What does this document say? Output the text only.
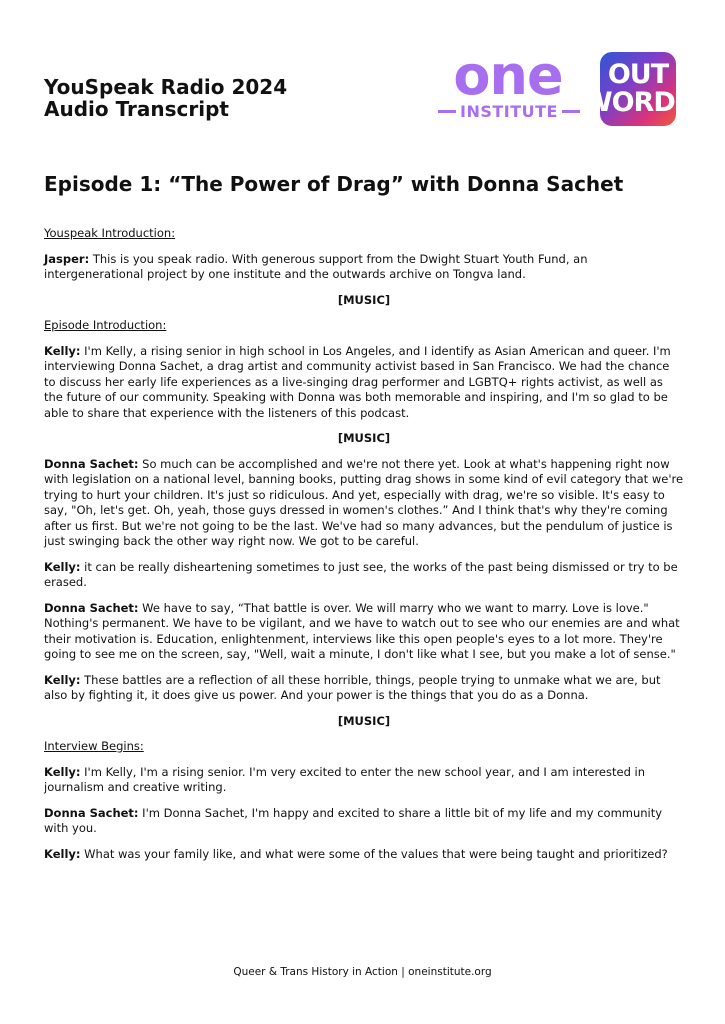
YouSpeak Radio 2024
Audio Transcript
one
INSTITUTE
OUT
WORDS
Episode 1: “The Power of Drag” with Donna Sachet

Youspeak Introduction:

Jasper: This is you speak radio. With generous support from the Dwight Stuart Youth Fund, an intergenerational project by one institute and the outwards archive on Tongva land.

[MUSIC]

Episode Introduction:

Kelly: I'm Kelly, a rising senior in high school in Los Angeles, and I identify as Asian American and queer. I'm interviewing Donna Sachet, a drag artist and community activist based in San Francisco. We had the chance to discuss her early life experiences as a live-singing drag performer and LGBTQ+ rights activist, as well as the future of our community. Speaking with Donna was both memorable and inspiring, and I'm so glad to be able to share that experience with the listeners of this podcast.

[MUSIC]

Donna Sachet: So much can be accomplished and we're not there yet. Look at what's happening right now with legislation on a national level, banning books, putting drag shows in some kind of evil category that we're trying to hurt your children. It's just so ridiculous. And yet, especially with drag, we're so visible. It's easy to say, "Oh, let's get. Oh, yeah, those guys dressed in women's clothes.” And I think that's why they're coming after us first. But we're not going to be the last. We've had so many advances, but the pendulum of justice is just swinging back the other way right now. We got to be careful.

Kelly: it can be really disheartening sometimes to just see, the works of the past being dismissed or try to be erased.

Donna Sachet: We have to say, “That battle is over. We will marry who we want to marry. Love is love." Nothing's permanent. We have to be vigilant, and we have to watch out to see who our enemies are and what their motivation is. Education, enlightenment, interviews like this open people's eyes to a lot more. They're going to see me on the screen, say, "Well, wait a minute, I don't like what I see, but you make a lot of sense."

Kelly: These battles are a reflection of all these horrible, things, people trying to unmake what we are, but also by fighting it, it does give us power. And your power is the things that you do as a Donna.

[MUSIC]

Interview Begins:

Kelly: I'm Kelly, I'm a rising senior. I'm very excited to enter the new school year, and I am interested in journalism and creative writing.

Donna Sachet: I'm Donna Sachet, I'm happy and excited to share a little bit of my life and my community with you.

Kelly: What was your family like, and what were some of the values that were being taught and prioritized?

Queer & Trans History in Action | oneinstitute.org
